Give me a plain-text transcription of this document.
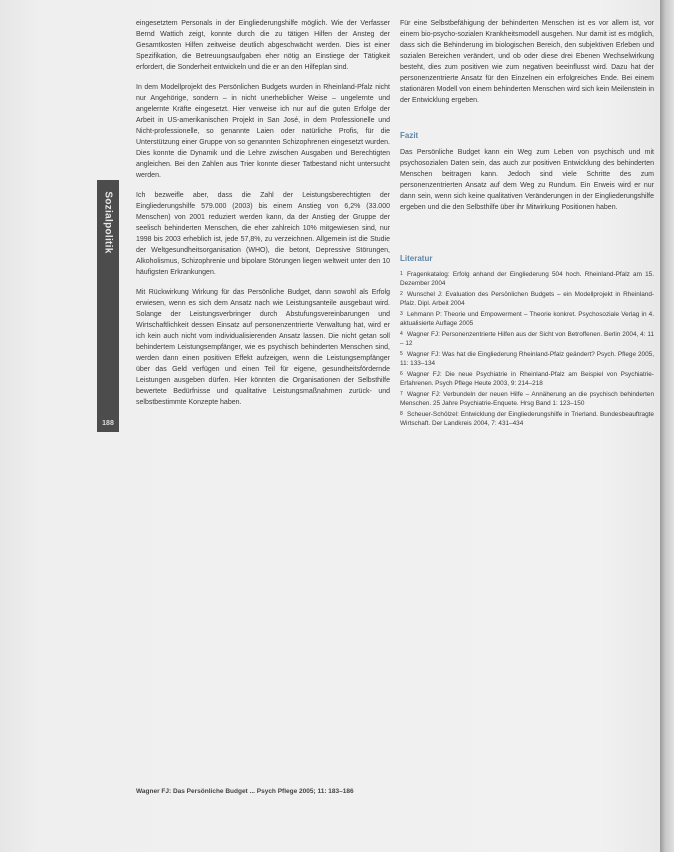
Sozialpolitik
188

eingesetztem Personals in der Eingliederungshilfe möglich. Wie der Verfasser Bernd Wattich zeigt, konnte durch die zu tätigen Hilfen der Ansteg der Gesamtkosten Hilfen zeitweise deutlich abgeschwächt werden. Dies ist einer Spezifikation, die Betreuungsaufgaben eher nötig an Einstiege der Tätigkeit erfordert, die Sonderheit entwickeln und die er an den Hilfeplan sind.

In dem Modellprojekt des Persönlichen Budgets wurden in Rheinland-Pfalz nicht nur Angehörige, sondern – in nicht unerheblicher Weise – ungelernte und angelernte Kräfte eingesetzt. Hier verweise ich nur auf die guten Erfolge der Arbeit in US-amerikanischen Projekt in San José, in dem Professionelle und Nicht-professionelle, so genannte Laien oder natürliche Profis, für die Unterstützung einer Gruppe von so genannten Schizophrenen eingesetzt wurden. Dies konnte die Dynamik und die Lehre zwischen Ausgaben und Berechtigten angleichen. Bei den Zahlen aus Trier konnte dieser Tatbestand nicht untersucht werden.

Ich bezweifle aber, dass die Zahl der Leistungsberechtigten der Eingliederungshilfe 579.000 (2003) bis einem Anstieg von 6,2% (33.000 Menschen) von 2001 reduziert werden kann, da der Anstieg der Gruppe der seelisch behinderten Menschen, die eher zahlreich 10% mitgewiesen sind, nur 1998 bis 2003 erheblich ist, jede 57,8%, zu verzeichnen. Allgemein ist die Studie der Weltgesundheitsorganisation (WHO), die betont, Depressive Störungen, Alkoholismus, Schizophrenie und bipolare Störungen liegen weltweit unter den 10 häufigsten Erkrankungen.

Mit Rückwirkung Wirkung für das Persönliche Budget, dann sowohl als Erfolg erwiesen, wenn es sich dem Ansatz nach wie Leistungsanteile ausgebaut wird. Solange der Leistungsverbringer durch Abstufungsvereinbarungen und Wirtschaftlichkeit dessen Einsatz auf personenzentrierte Verwaltung hat, wird er ich kein auch nicht vom individualisierenden Ansatz lassen. Die nicht getan soll behindertem Leistungsempfänger, wie es psychisch behinderten Menschen sind, werden dann einen positiven Effekt aufzeigen, wenn die Leistungsempfänger über das Geld verfügen und einen Teil für eigene, gesundheitsfördernde Leistungen ausgeben dürfen. Hier könnten die Organisationen der Selbsthilfe bewertete Bedürfnisse und qualitative Leistungsmaßnahmen zurück- und selbstbestimmte Konzepte haben.

Für eine Selbstbefähigung der behinderten Menschen ist es vor allem ist, vor einem bio-psycho-sozialen Krankheitsmodell ausgehen. Nur damit ist es möglich, dass sich die Behinderung im biologischen Bereich, den subjektiven Erleben und sozialen Bereichen verändert, und ob oder diese drei Ebenen Wechselwirkung besteht, dies zum positiven wie zum negativen beeinflusst wird. Dazu hat der personenzentrierte Ansatz für den Einzelnen ein erfolgreiches Ende. Bei einem stationären Modell von einem behinderten Menschen wird sich kein Meilenstein in der Entwicklung ergeben.

Fazit

Das Persönliche Budget kann ein Weg zum Leben von psychisch und mit psychosozialen Daten sein, das auch zur positiven Entwicklung des behinderten Menschen beitragen kann. Jedoch sind viele Schritte des zum personenzentrierten Ansatz auf dem Weg zu Rundum. Ein Erweis wird er nur dann sein, wenn sich keine qualitativen Veränderungen in der Eingliederungshilfe ergeben und die den Selbsthilfe über ihr Mitwirkung Positionen haben.

Literatur
1 Fragenkatalog: Erfolg anhand der Eingliederung 504 hoch. Rheinland-Pfalz am 15. Dezember 2004
2 Wunschel J: Evaluation des Persönlichen Budgets – ein Modellprojekt in Rheinland-Pfalz. Dipl. Arbeit 2004
3 Lehmann P: Theorie und Empowerment – Theorie konkret. Psychosoziale Verlag in 4. aktualisierte Auflage 2005
4 Wagner FJ: Personenzentrierte Hilfen aus der Sicht von Betroffenen. Berlin 2004, 4: 11 – 12
5 Wagner FJ: Was hat die Eingliederung Rheinland-Pfalz geändert? Psych. Pflege 2005, 11: 133–134
6 Wagner FJ: Die neue Psychiatrie in Rheinland-Pfalz am Beispiel von Psychiatrie-Erfahrenen. Psych Pflege Heute 2003, 9: 214–218
7 Wagner FJ: Verbundeln der neuen Hilfe – Annäherung an die psychisch behinderten Menschen. 25 Jahre Psychiatrie-Enquete. Hrsg Band 1: 123–150
8 Scheuer-Schölzel: Entwicklung der Eingliederungshilfe in Trierland. Bundesbeauftragte Wirtschaft. Der Landkreis 2004, 7: 431–434
Wagner FJ: Das Persönliche Budget ... Psych Pflege 2005; 11: 183–186
